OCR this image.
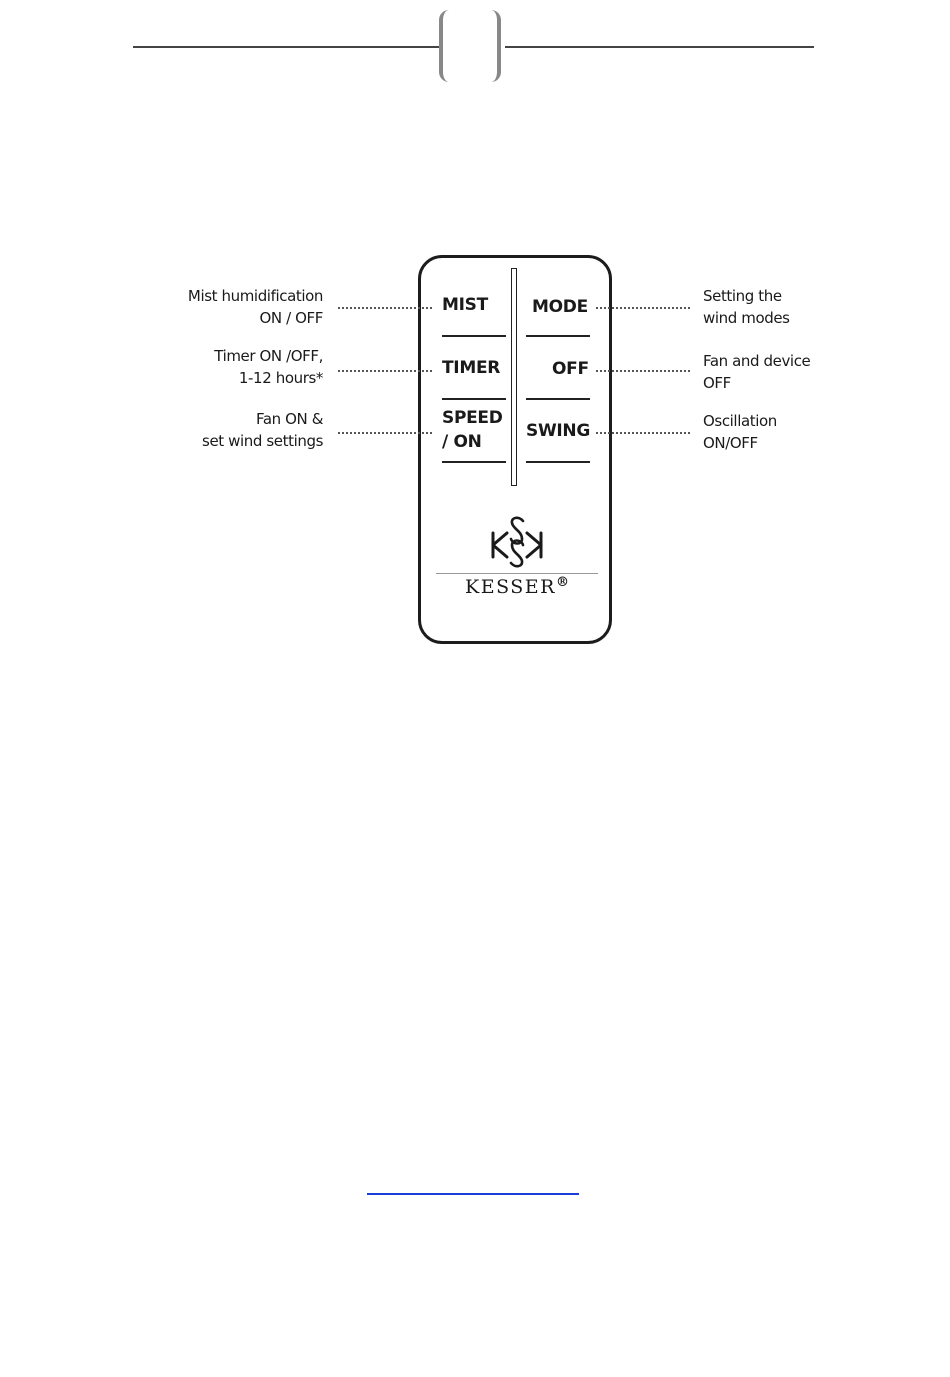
MIST
TIMER
SPEED
/ ON
MODE
OFF
SWING
Mist humidification
ON / OFF
Timer ON /OFF,
1-12 hours*
Fan ON &
set wind settings
Setting the
wind modes
Fan and device
OFF
Oscillation
ON/OFF
KESSER®
